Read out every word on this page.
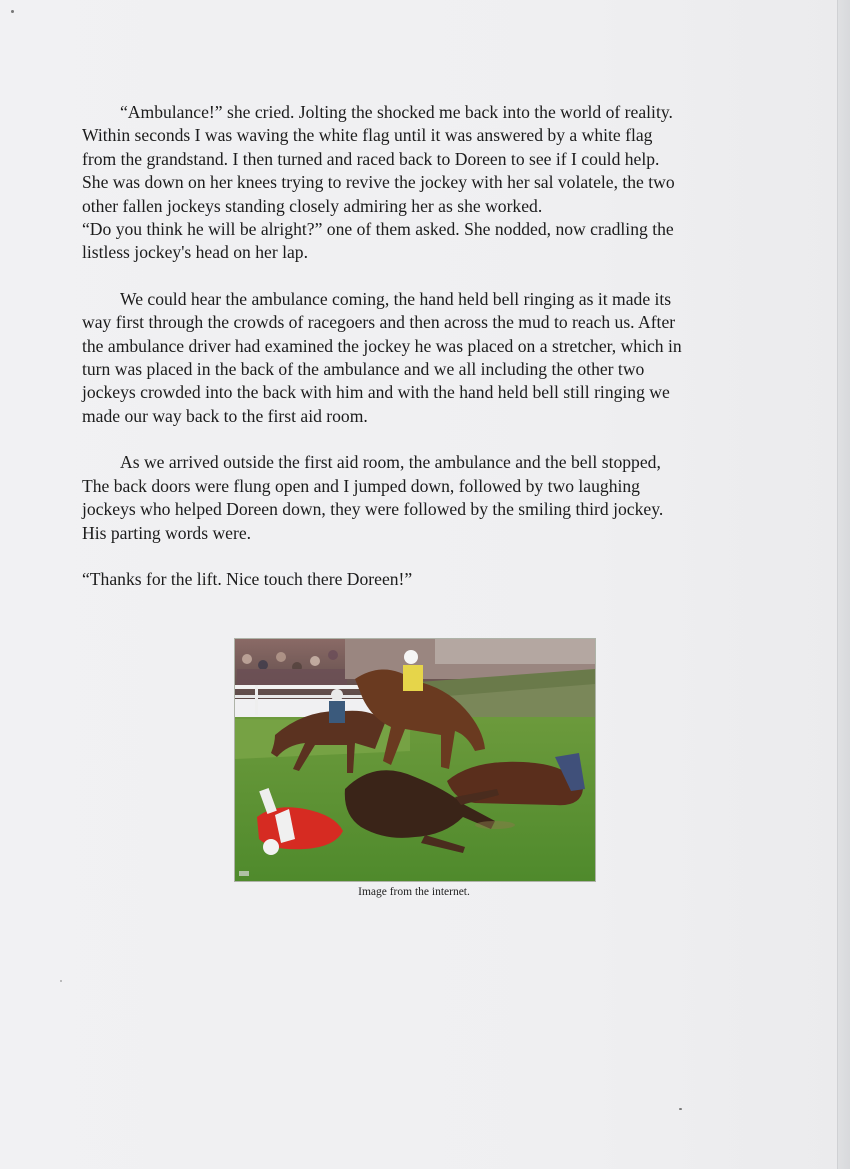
“Ambulance!” she cried. Jolting the shocked me back into the world of reality.
Within seconds I was waving the white flag until it was answered by a white flag
from the grandstand. I then turned and raced back to Doreen to see if I could help.
She was down on her knees trying to revive the jockey with her sal volatele, the two
other fallen jockeys standing closely admiring her as she worked.

“Do you think he will be alright?” one of them asked. She nodded, now cradling the
listless jockey's head on her lap.

We could hear the ambulance coming, the hand held bell ringing as it made its
way first through the crowds of racegoers and then across the mud to reach us. After
the ambulance driver had examined the jockey he was placed on a stretcher, which in
turn was placed in the back of the ambulance and we all including the other two
jockeys crowded into the back with him and with the hand held bell still ringing we
made our way back to the first aid room.

As we arrived outside the first aid room, the ambulance and the bell stopped,
The back doors were flung open and I jumped down, followed by two laughing
jockeys who helped Doreen down, they were followed by the smiling third jockey.
His parting words were.

“Thanks for the lift. Nice touch there Doreen!”

Image from the internet.
